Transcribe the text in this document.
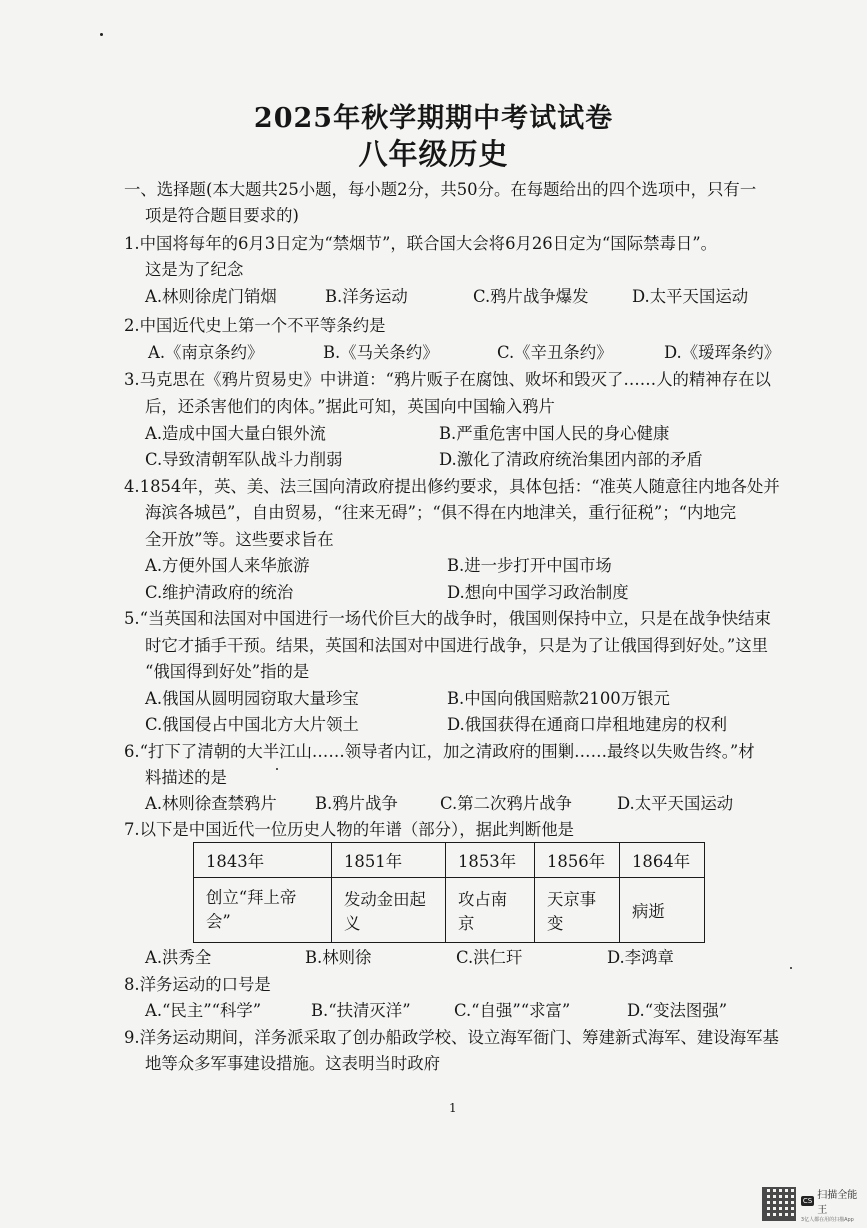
2025年秋学期期中考试试卷
八年级历史
一、选择题(本大题共25小题，每小题2分，共50分。在每题给出的四个选项中，只有一
项是符合题目要求的)
1.中国将每年的6月3日定为“禁烟节”，联合国大会将6月26日定为“国际禁毒日”。
这是为了纪念
A.林则徐虎门销烟	B.洋务运动	C.鸦片战争爆发	D.太平天国运动
2.中国近代史上第一个不平等条约是
A.《南京条约》	B.《马关条约》	C.《辛丑条约》	D.《瑷珲条约》
3.马克思在《鸦片贸易史》中讲道：“鸦片贩子在腐蚀、败坏和毁灭了……人的精神存在以
后，还杀害他们的肉体。”据此可知，英国向中国输入鸦片
A.造成中国大量白银外流	B.严重危害中国人民的身心健康
C.导致清朝军队战斗力削弱	D.激化了清政府统治集团内部的矛盾
4.1854年，英、美、法三国向清政府提出修约要求，具体包括：“准英人随意往内地各处并
海滨各城邑”，自由贸易，“往来无碍”；“俱不得在内地津关，重行征税”；“内地完
全开放”等。这些要求旨在
A.方便外国人来华旅游	B.进一步打开中国市场
C.维护清政府的统治	D.想向中国学习政治制度
5.“当英国和法国对中国进行一场代价巨大的战争时，俄国则保持中立，只是在战争快结束
时它才插手干预。结果，英国和法国对中国进行战争，只是为了让俄国得到好处。”这里
“俄国得到好处”指的是
A.俄国从圆明园窃取大量珍宝	B.中国向俄国赔款2100万银元
C.俄国侵占中国北方大片领土	D.俄国获得在通商口岸租地建房的权利
6.“打下了清朝的大半江山……领导者内讧，加之清政府的围剿……最终以失败告终。”材
料描述的是
A.林则徐查禁鸦片 B.鸦片战争	C.第二次鸦片战争	D.太平天国运动
7.以下是中国近代一位历史人物的年谱（部分），据此判断他是
1843年	1851年	1853年	1856年	1864年
创立“拜上帝会”	发动金田起义	攻占南京	天京事变	病逝
A.洪秀全	B.林则徐	C.洪仁玕	D.李鸿章
8.洋务运动的口号是
A.“民主”“科学”	B.“扶清灭洋”	C.“自强”“求富”	D.“变法图强”
9.洋务运动期间，洋务派采取了创办船政学校、设立海军衙门、筹建新式海军、建设海军基
地等众多军事建设措施。这表明当时政府
1
CS 扫描全能王
3亿人都在用的扫描App
